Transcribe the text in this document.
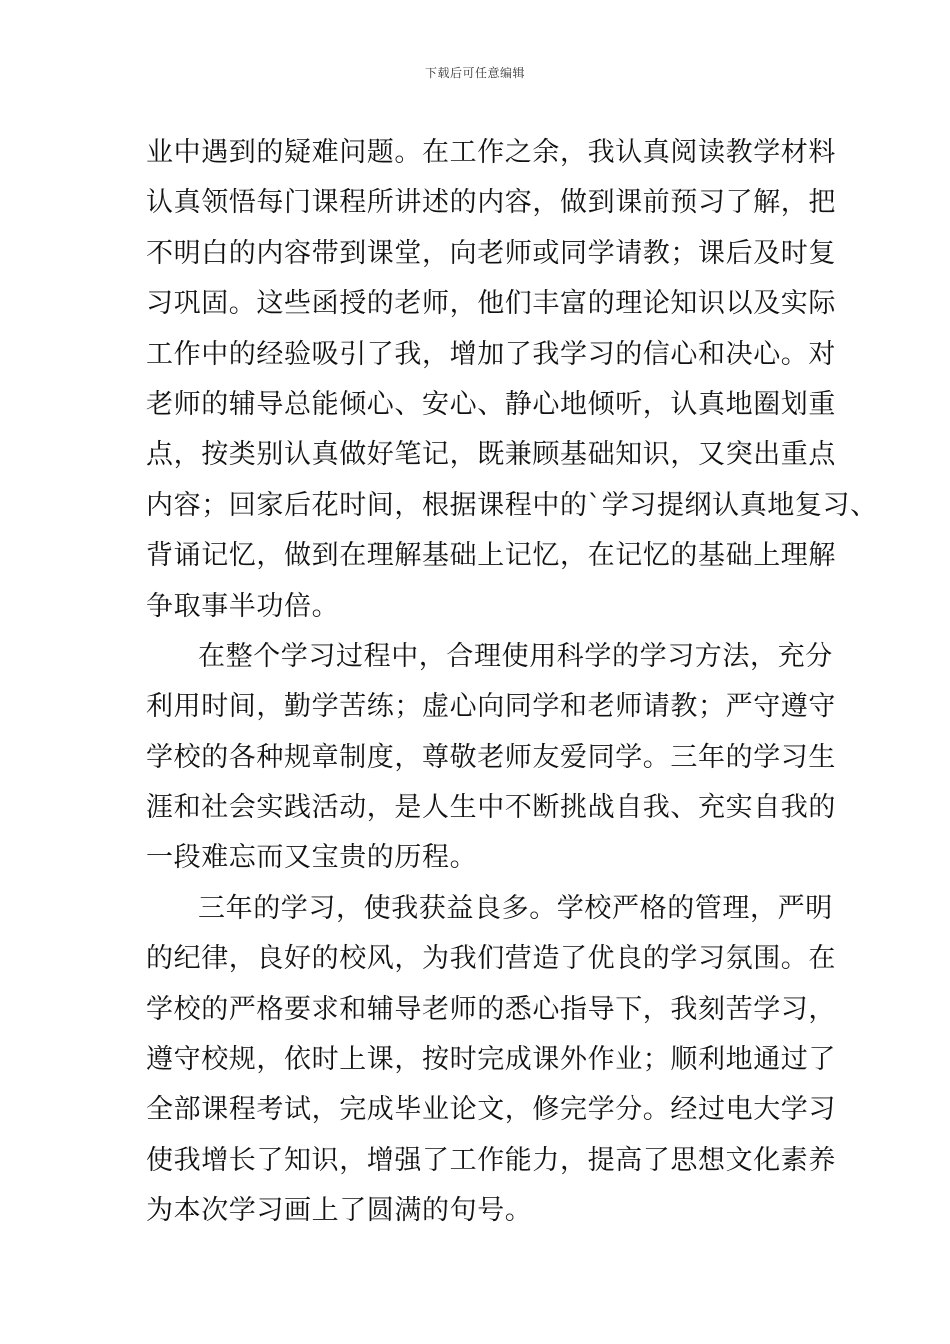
下载后可任意编辑
业中遇到的疑难问题。在工作之余，我认真阅读教学材料
认真领悟每门课程所讲述的内容，做到课前预习了解，把
不明白的内容带到课堂，向老师或同学请教；课后及时复
习巩固。这些函授的老师，他们丰富的理论知识以及实际
工作中的经验吸引了我，增加了我学习的信心和决心。对
老师的辅导总能倾心、安心、静心地倾听，认真地圈划重
点，按类别认真做好笔记，既兼顾基础知识，又突出重点
内容；回家后花时间，根据课程中的`学习提纲认真地复习、
背诵记忆，做到在理解基础上记忆，在记忆的基础上理解
争取事半功倍。
在整个学习过程中，合理使用科学的学习方法，充分
利用时间，勤学苦练；虚心向同学和老师请教；严守遵守
学校的各种规章制度，尊敬老师友爱同学。三年的学习生
涯和社会实践活动，是人生中不断挑战自我、充实自我的
一段难忘而又宝贵的历程。
三年的学习，使我获益良多。学校严格的管理，严明
的纪律，良好的校风，为我们营造了优良的学习氛围。在
学校的严格要求和辅导老师的悉心指导下，我刻苦学习，
遵守校规，依时上课，按时完成课外作业；顺利地通过了
全部课程考试，完成毕业论文，修完学分。经过电大学习
使我增长了知识，增强了工作能力，提高了思想文化素养
为本次学习画上了圆满的句号。
